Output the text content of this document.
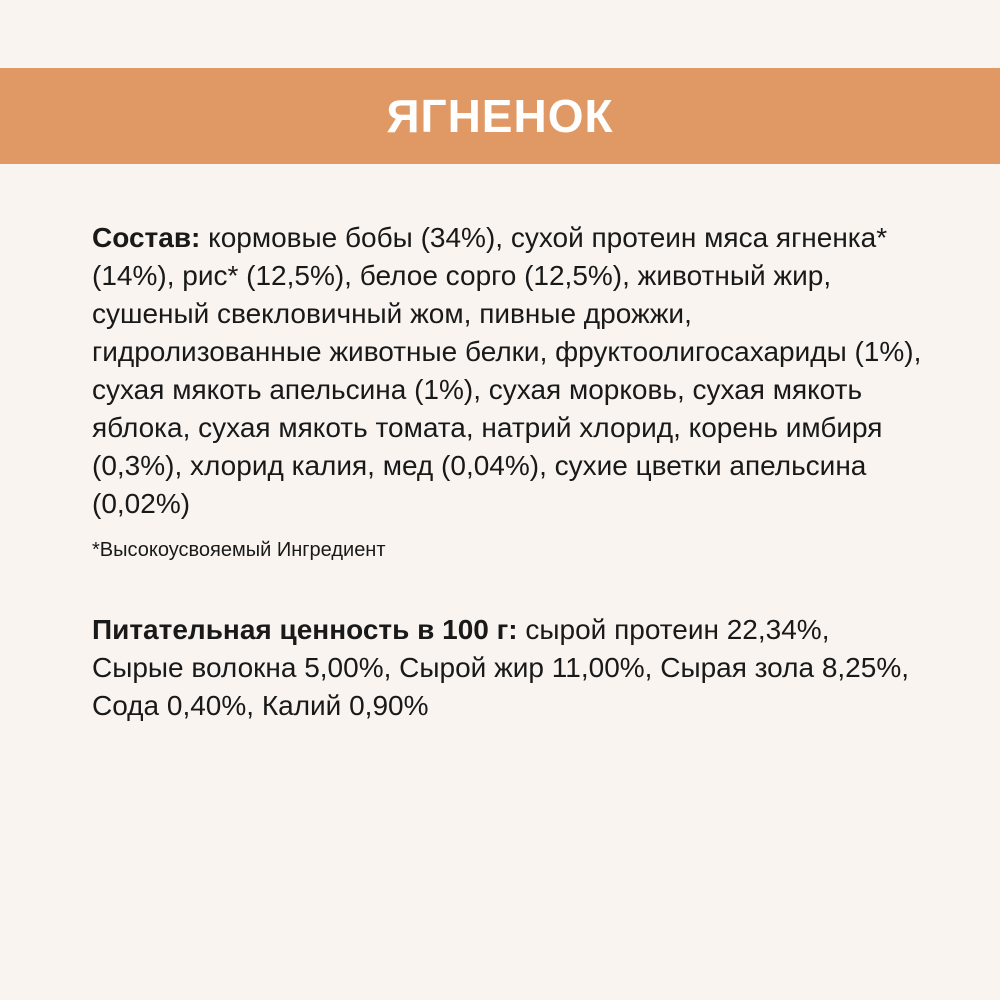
ЯГНЕНОК

Состав: кормовые бобы (34%), сухой протеин мяса ягненка* (14%), рис* (12,5%), белое сорго (12,5%), животный жир, сушеный свекловичный жом, пивные дрожжи, гидролизованные животные белки, фруктоолигосахариды (1%), сухая мякоть апельсина (1%), сухая морковь, сухая мякоть яблока, сухая мякоть томата, натрий хлорид, корень имбиря (0,3%), хлорид калия, мед (0,04%), сухие цветки апельсина (0,02%)

*Высокоусвояемый Ингредиент

Питательная ценность в 100 г: сырой протеин 22,34%, Сырые волокна 5,00%, Сырой жир 11,00%, Сырая зола 8,25%, Сода 0,40%, Калий 0,90%
